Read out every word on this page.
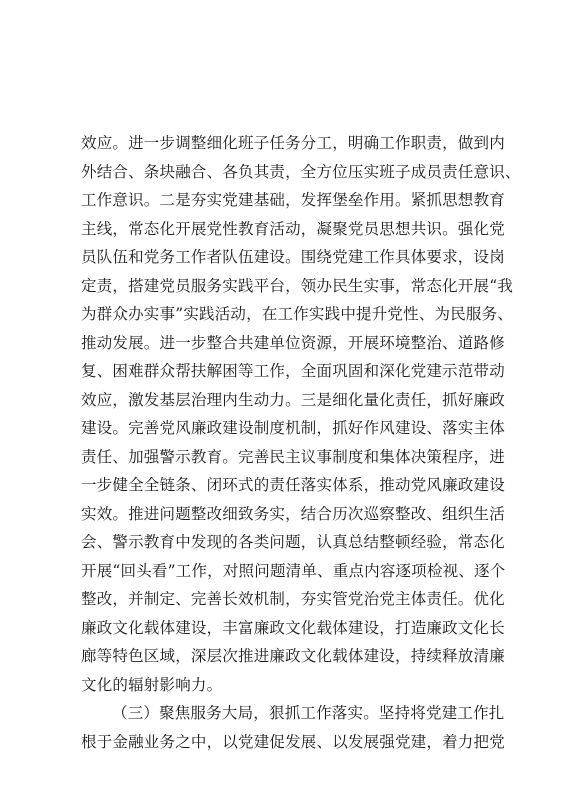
效应。进一步调整细化班子任务分工，明确工作职责，做到内
外结合、条块融合、各负其责，全方位压实班子成员责任意识、
工作意识。二是夯实党建基础，发挥堡垒作用。紧抓思想教育
主线，常态化开展党性教育活动，凝聚党员思想共识。强化党
员队伍和党务工作者队伍建设。围绕党建工作具体要求，设岗
定责，搭建党员服务实践平台，领办民生实事，常态化开展“我
为群众办实事”实践活动，在工作实践中提升党性、为民服务、
推动发展。进一步整合共建单位资源，开展环境整治、道路修
复、困难群众帮扶解困等工作，全面巩固和深化党建示范带动
效应，激发基层治理内生动力。三是细化量化责任，抓好廉政
建设。完善党风廉政建设制度机制，抓好作风建设、落实主体
责任、加强警示教育。完善民主议事制度和集体决策程序，进
一步健全全链条、闭环式的责任落实体系，推动党风廉政建设
实效。推进问题整改细致务实，结合历次巡察整改、组织生活
会、警示教育中发现的各类问题，认真总结整顿经验，常态化
开展“回头看”工作，对照问题清单、重点内容逐项检视、逐个
整改，并制定、完善长效机制，夯实管党治党主体责任。优化
廉政文化载体建设，丰富廉政文化载体建设，打造廉政文化长
廊等特色区域，深层次推进廉政文化载体建设，持续释放清廉
文化的辐射影响力。
（三）聚焦服务大局，狠抓工作落实。坚持将党建工作扎
根于金融业务之中，以党建促发展、以发展强党建，着力把党
